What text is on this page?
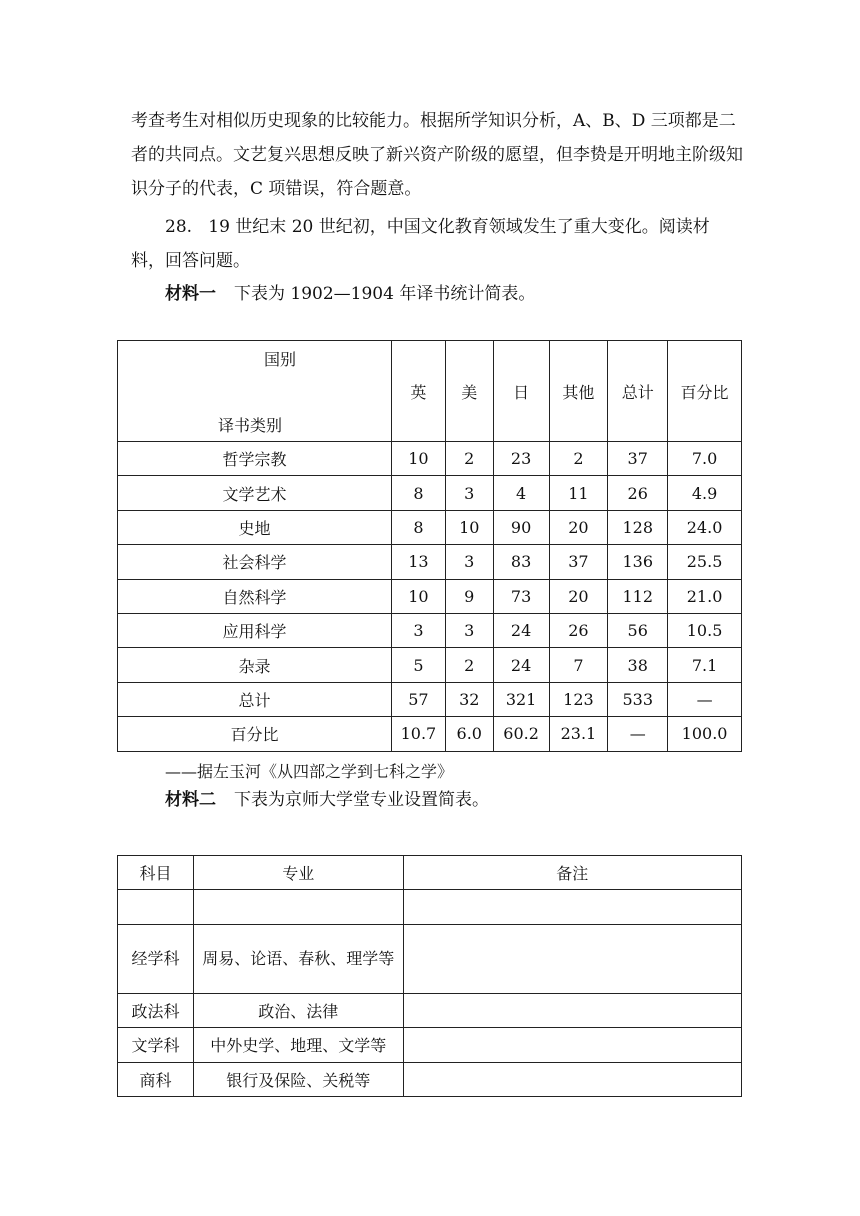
考查考生对相似历史现象的比较能力。根据所学知识分析，A、B、D 三项都是二者的共同点。文艺复兴思想反映了新兴资产阶级的愿望，但李贽是开明地主阶级知识分子的代表，C 项错误，符合题意。
28. 19 世纪末 20 世纪初，中国文化教育领域发生了重大变化。阅读材料，回答问题。
材料一 下表为 1902—1904 年译书统计简表。
国别
译书类别	英	美	日	其他	总计	百分比
哲学宗教	10	2	23	2	37	7.0
文学艺术	8	3	4	11	26	4.9
史地	8	10	90	20	128	24.0
社会科学	13	3	83	37	136	25.5
自然科学	10	9	73	20	112	21.0
应用科学	3	3	24	26	56	10.5
杂录	5	2	24	7	38	7.1
总计	57	32	321	123	533	—
百分比	10.7	6.0	60.2	23.1	—	100.0
——据左玉河《从四部之学到七科之学》
材料二 下表为京师大学堂专业设置简表。
科目	专业	备注

经学科	周易、论语、春秋、理学等	
政法科	政治、法律	
文学科	中外史学、地理、文学等	
商科	银行及保险、关税等	
